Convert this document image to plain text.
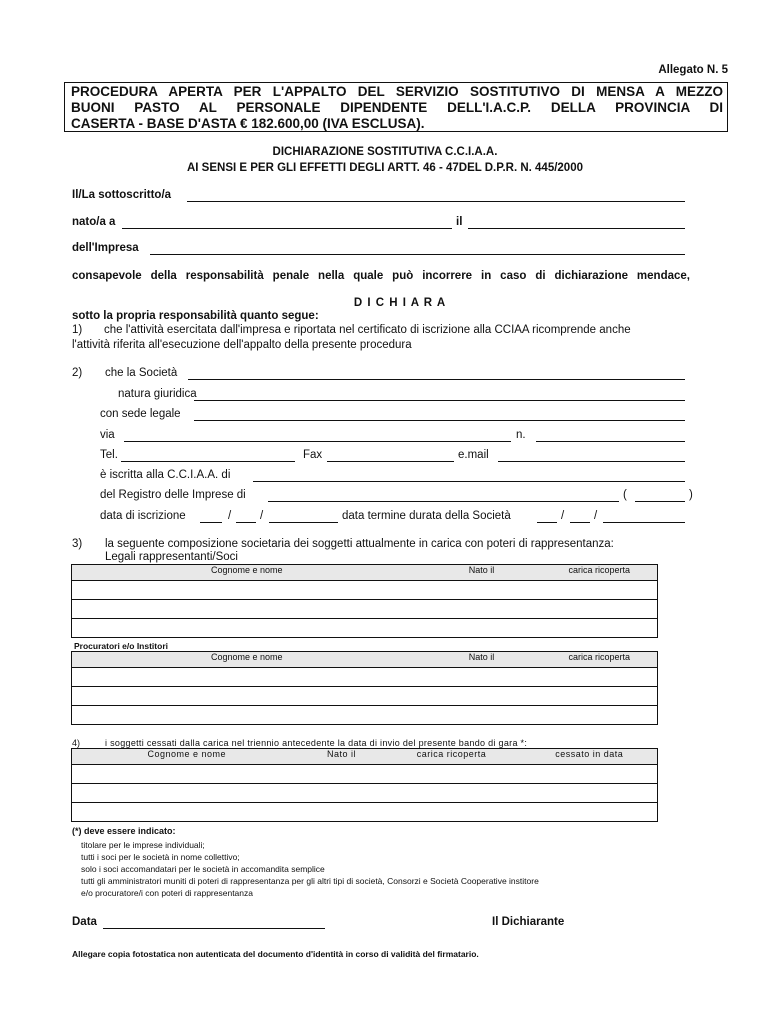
Allegato N. 5
PROCEDURA APERTA PER L'APPALTO DEL SERVIZIO SOSTITUTIVO DI MENSA A MEZZO
BUONI PASTO AL PERSONALE DIPENDENTE DELL'I.A.C.P. DELLA PROVINCIA DI
CASERTA - BASE D'ASTA € 182.600,00 (IVA ESCLUSA).
DICHIARAZIONE SOSTITUTIVA C.C.I.A.A.
AI SENSI E PER GLI EFFETTI DEGLI ARTT. 46 - 47DEL D.P.R. N. 445/2000
Il/La sottoscritto/a
nato/a a	il
dell'Impresa
consapevole della responsabilità penale nella quale può incorrere in caso di dichiarazione mendace,
D I C H I A R A
sotto la propria responsabilità quanto segue:
1) che l'attività esercitata dall'impresa e riportata nel certificato di iscrizione alla CCIAA ricomprende anche
l'attività riferita all'esecuzione dell'appalto della presente procedura
2) che la Società
natura giuridica
con sede legale
via	n.
Tel.	Fax	e.mail
è iscritta alla C.C.I.A.A. di
del Registro delle Imprese di	(	)
data di iscrizione	/	/	data termine durata della Società	/	/
3) la seguente composizione societaria dei soggetti attualmente in carica con poteri di rappresentanza:
Legali rappresentanti/Soci
Cognome e nome	Nato il	carica ricoperta

Procuratori e/o Institori
Cognome e nome	Nato il	carica ricoperta

4)	i soggetti cessati dalla carica nel triennio antecedente la data di invio del presente bando di gara *:
Cognome e nome	Nato il	carica ricoperta	cessato in data

(*) deve essere indicato:
titolare per le imprese individuali;
tutti i soci per le società in nome collettivo;
solo i soci accomandatari per le società in accomandita semplice
tutti gli amministratori muniti di poteri di rappresentanza per gli altri tipi di società, Consorzi e Società Cooperative institore
e/o procuratore/i con poteri di rappresentanza
Data	Il Dichiarante
Allegare copia fotostatica non autenticata del documento d'identità in corso di validità del firmatario.
